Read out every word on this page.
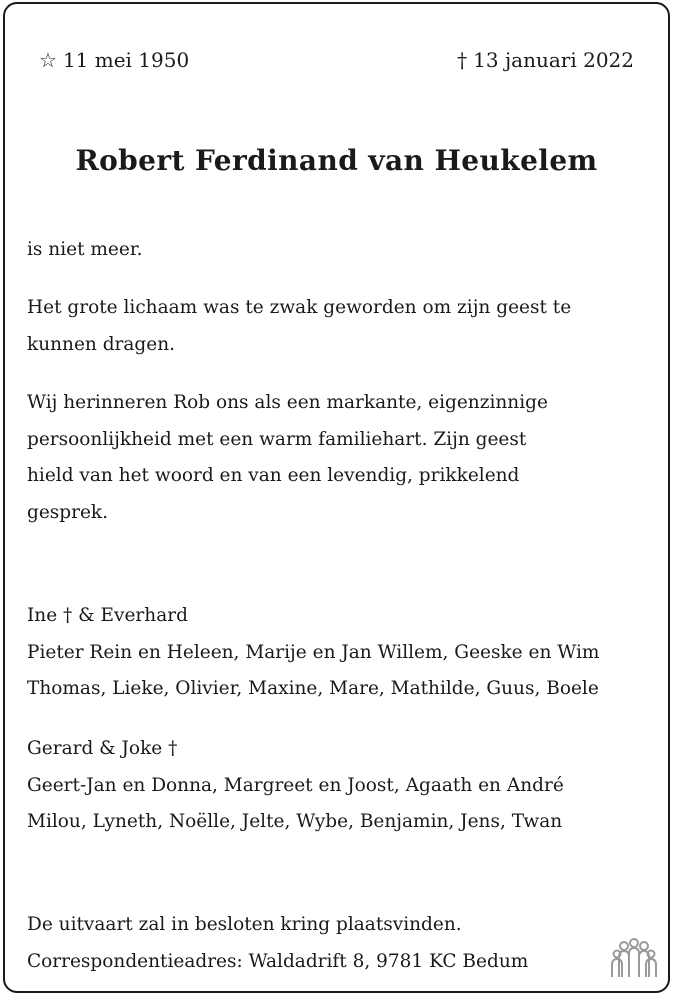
☆ 11 mei 1950	† 13 januari 2022
Robert Ferdinand van Heukelem

is niet meer.

Het grote lichaam was te zwak geworden om zijn geest te
kunnen dragen.

Wij herinneren Rob ons als een markante, eigenzinnige
persoonlijkheid met een warm familiehart. Zijn geest
hield van het woord en van een levendig, prikkelend
gesprek.

Ine † & Everhard
Pieter Rein en Heleen, Marije en Jan Willem, Geeske en Wim
Thomas, Lieke, Olivier, Maxine, Mare, Mathilde, Guus, Boele

Gerard & Joke †
Geert-Jan en Donna, Margreet en Joost, Agaath en André
Milou, Lyneth, Noëlle, Jelte, Wybe, Benjamin, Jens, Twan

De uitvaart zal in besloten kring plaatsvinden.
Correspondentieadres: Waldadrift 8, 9781 KC Bedum
